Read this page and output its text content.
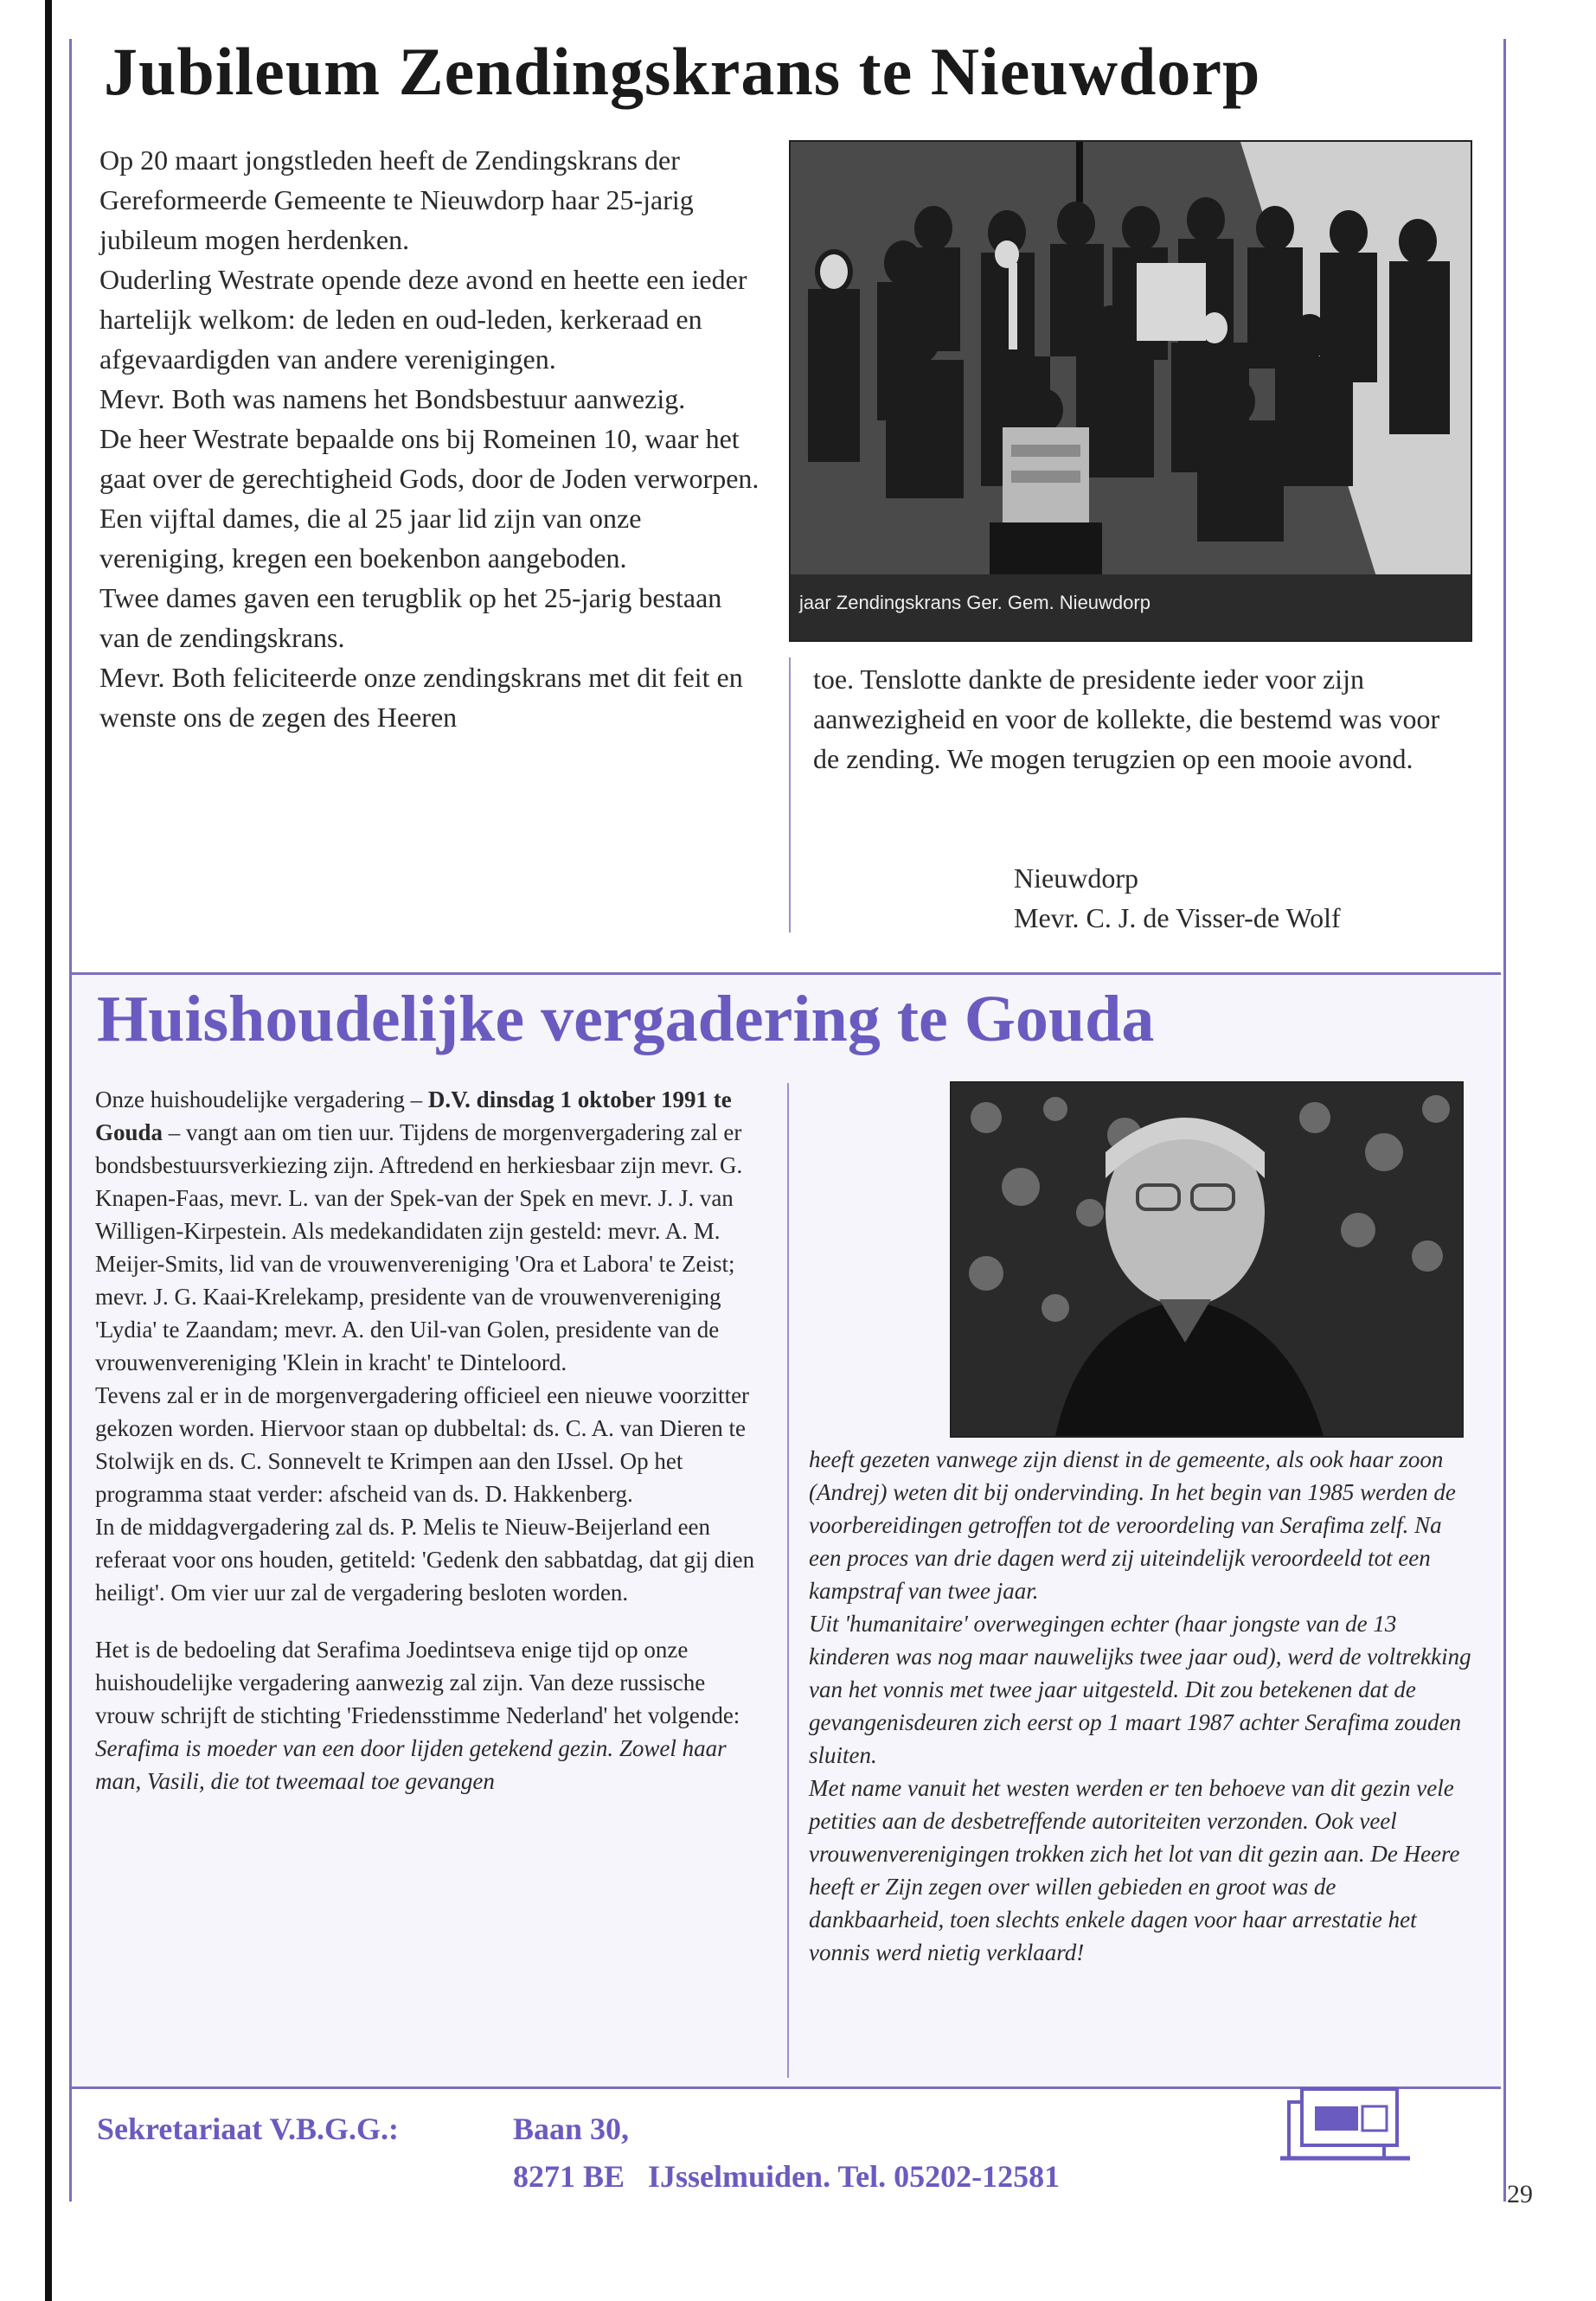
Jubileum Zendingskrans te Nieuwdorp

Op 20 maart jongstleden heeft de Zendingskrans der Gereformeerde Gemeente te Nieuwdorp haar 25-jarig jubileum mogen herdenken.

Ouderling Westrate opende deze avond en heette een ieder hartelijk welkom: de leden en oud-leden, kerkeraad en afgevaardigden van andere verenigingen.

Mevr. Both was namens het Bondsbestuur aanwezig.

De heer Westrate bepaalde ons bij Romeinen 10, waar het gaat over de gerechtigheid Gods, door de Joden verworpen.

Een vijftal dames, die al 25 jaar lid zijn van onze vereniging, kregen een boekenbon aangeboden.

Twee dames gaven een terugblik op het 25-jarig bestaan van de zendingskrans.

Mevr. Both feliciteerde onze zendingskrans met dit feit en wenste ons de zegen des Heeren

jaar Zendingskrans Ger. Gem. Nieuwdorp

toe. Tenslotte dankte de presidente ieder voor zijn aanwezigheid en voor de kollekte, die bestemd was voor de zending. We mogen terugzien op een mooie avond.

Nieuwdorp
Mevr. C. J. de Visser-de Wolf
Huishoudelijke vergadering te Gouda

Onze huishoudelijke vergadering – D.V. dinsdag 1 oktober 1991 te Gouda – vangt aan om tien uur. Tijdens de morgenvergadering zal er bondsbestuursverkiezing zijn. Aftredend en herkiesbaar zijn mevr. G. Knapen-Faas, mevr. L. van der Spek-van der Spek en mevr. J. J. van Willigen-Kirpestein. Als medekandidaten zijn gesteld: mevr. A. M. Meijer-Smits, lid van de vrouwenvereniging 'Ora et Labora' te Zeist; mevr. J. G. Kaai-Krelekamp, presidente van de vrouwenvereniging 'Lydia' te Zaandam; mevr. A. den Uil-van Golen, presidente van de vrouwenvereniging 'Klein in kracht' te Dinteloord.

Tevens zal er in de morgenvergadering officieel een nieuwe voorzitter gekozen worden. Hiervoor staan op dubbeltal: ds. C. A. van Dieren te Stolwijk en ds. C. Sonnevelt te Krimpen aan den IJssel. Op het programma staat verder: afscheid van ds. D. Hakkenberg.

In de middagvergadering zal ds. P. Melis te Nieuw-Beijerland een referaat voor ons houden, getiteld: 'Gedenk den sabbatdag, dat gij dien heiligt'. Om vier uur zal de vergadering besloten worden.

Het is de bedoeling dat Serafima Joedintseva enige tijd op onze huishoudelijke vergadering aanwezig zal zijn. Van deze russische vrouw schrijft de stichting 'Friedensstimme Nederland' het volgende:

Serafima is moeder van een door lijden getekend gezin. Zowel haar man, Vasili, die tot tweemaal toe gevangen

heeft gezeten vanwege zijn dienst in de gemeente, als ook haar zoon (Andrej) weten dit bij ondervinding. In het begin van 1985 werden de voorbereidingen getroffen tot de veroordeling van Serafima zelf. Na een proces van drie dagen werd zij uiteindelijk veroordeeld tot een kampstraf van twee jaar.

Uit 'humanitaire' overwegingen echter (haar jongste van de 13 kinderen was nog maar nauwelijks twee jaar oud), werd de voltrekking van het vonnis met twee jaar uitgesteld. Dit zou betekenen dat de gevangenisdeuren zich eerst op 1 maart 1987 achter Serafima zouden sluiten.

Met name vanuit het westen werden er ten behoeve van dit gezin vele petities aan de desbetreffende autoriteiten verzonden. Ook veel vrouwenverenigingen trokken zich het lot van dit gezin aan. De Heere heeft er Zijn zegen over willen gebieden en groot was de dankbaarheid, toen slechts enkele dagen voor haar arrestatie het vonnis werd nietig verklaard!

Sekretariaat V.B.G.G.:	Baan 30,
8271 BE   IJsselmuiden. Tel. 05202-12581
29
